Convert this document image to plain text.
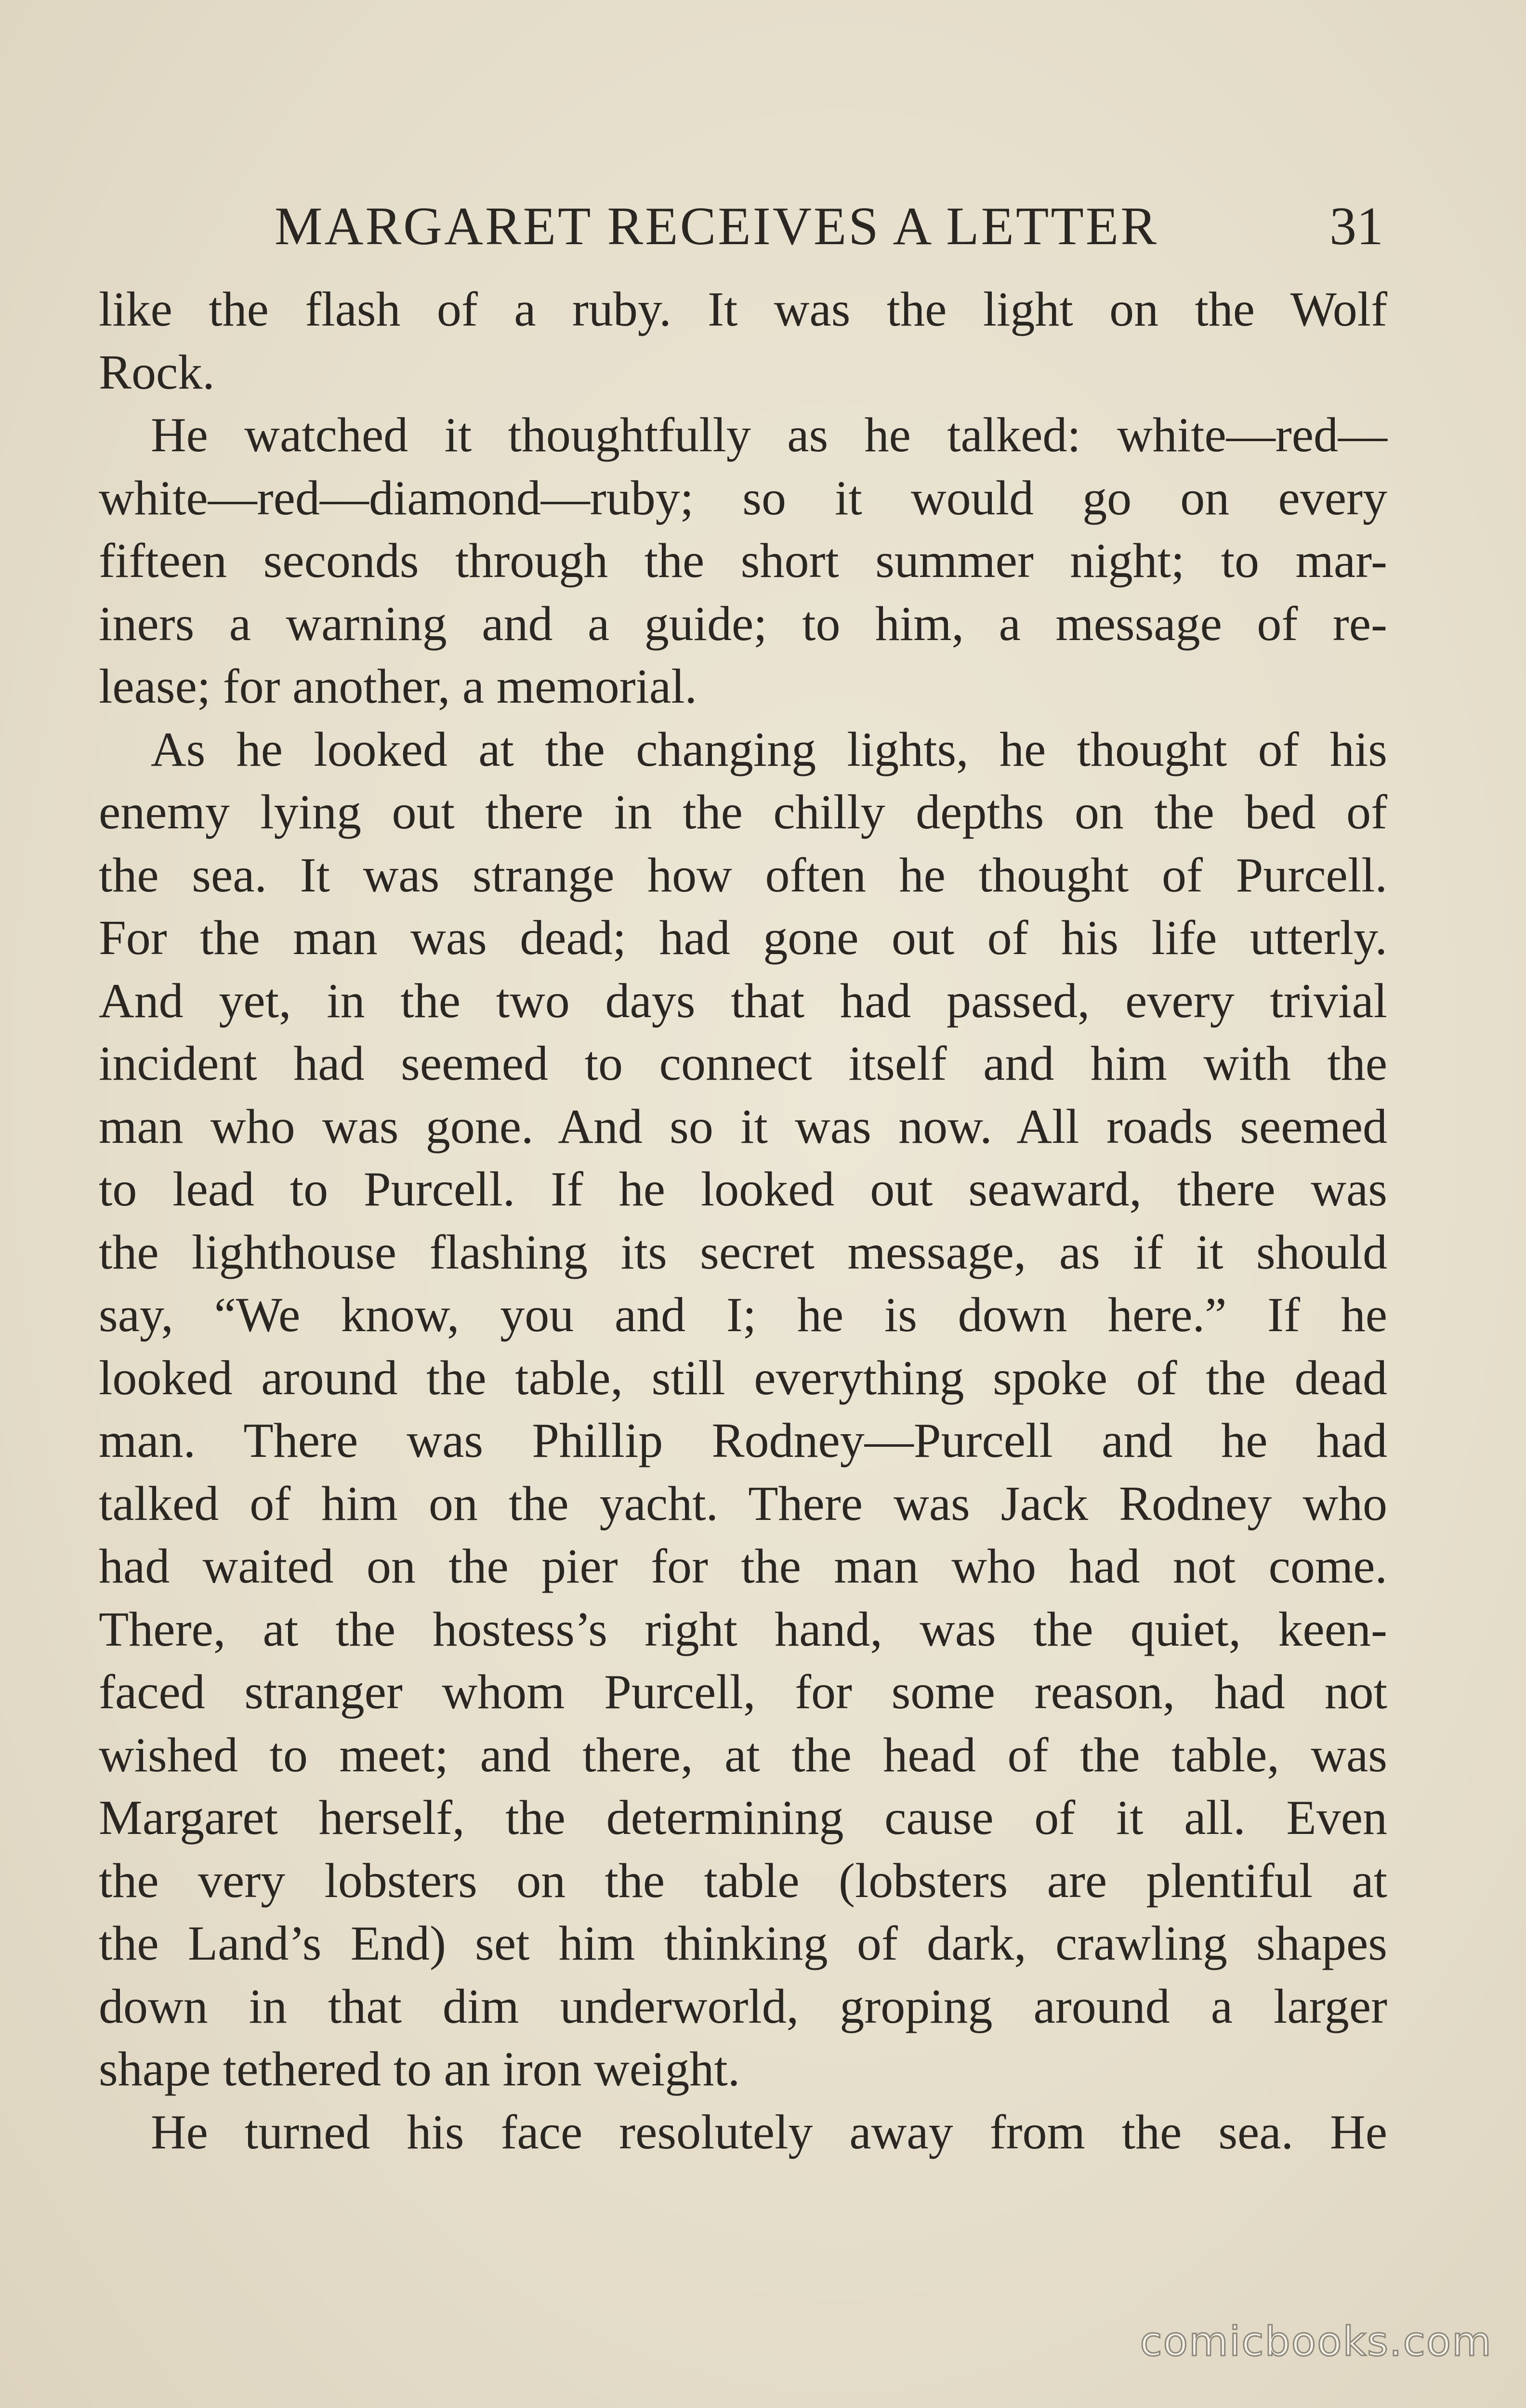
MARGARET RECEIVES A LETTER	31
like the flash of a ruby. It was the light on the Wolf
Rock.
He watched it thoughtfully as he talked: white—red—
white—red—diamond—ruby; so it would go on every
fifteen seconds through the short summer night; to mar-
iners a warning and a guide; to him, a message of re-
lease; for another, a memorial.
As he looked at the changing lights, he thought of his
enemy lying out there in the chilly depths on the bed of
the sea. It was strange how often he thought of Purcell.
For the man was dead; had gone out of his life utterly.
And yet, in the two days that had passed, every trivial
incident had seemed to connect itself and him with the
man who was gone. And so it was now. All roads seemed
to lead to Purcell. If he looked out seaward, there was
the lighthouse flashing its secret message, as if it should
say, “We know, you and I; he is down here.” If he
looked around the table, still everything spoke of the dead
man. There was Phillip Rodney—Purcell and he had
talked of him on the yacht. There was Jack Rodney who
had waited on the pier for the man who had not come.
There, at the hostess’s right hand, was the quiet, keen-
faced stranger whom Purcell, for some reason, had not
wished to meet; and there, at the head of the table, was
Margaret herself, the determining cause of it all. Even
the very lobsters on the table (lobsters are plentiful at
the Land’s End) set him thinking of dark, crawling shapes
down in that dim underworld, groping around a larger
shape tethered to an iron weight.
He turned his face resolutely away from the sea. He
comicbooks.com
